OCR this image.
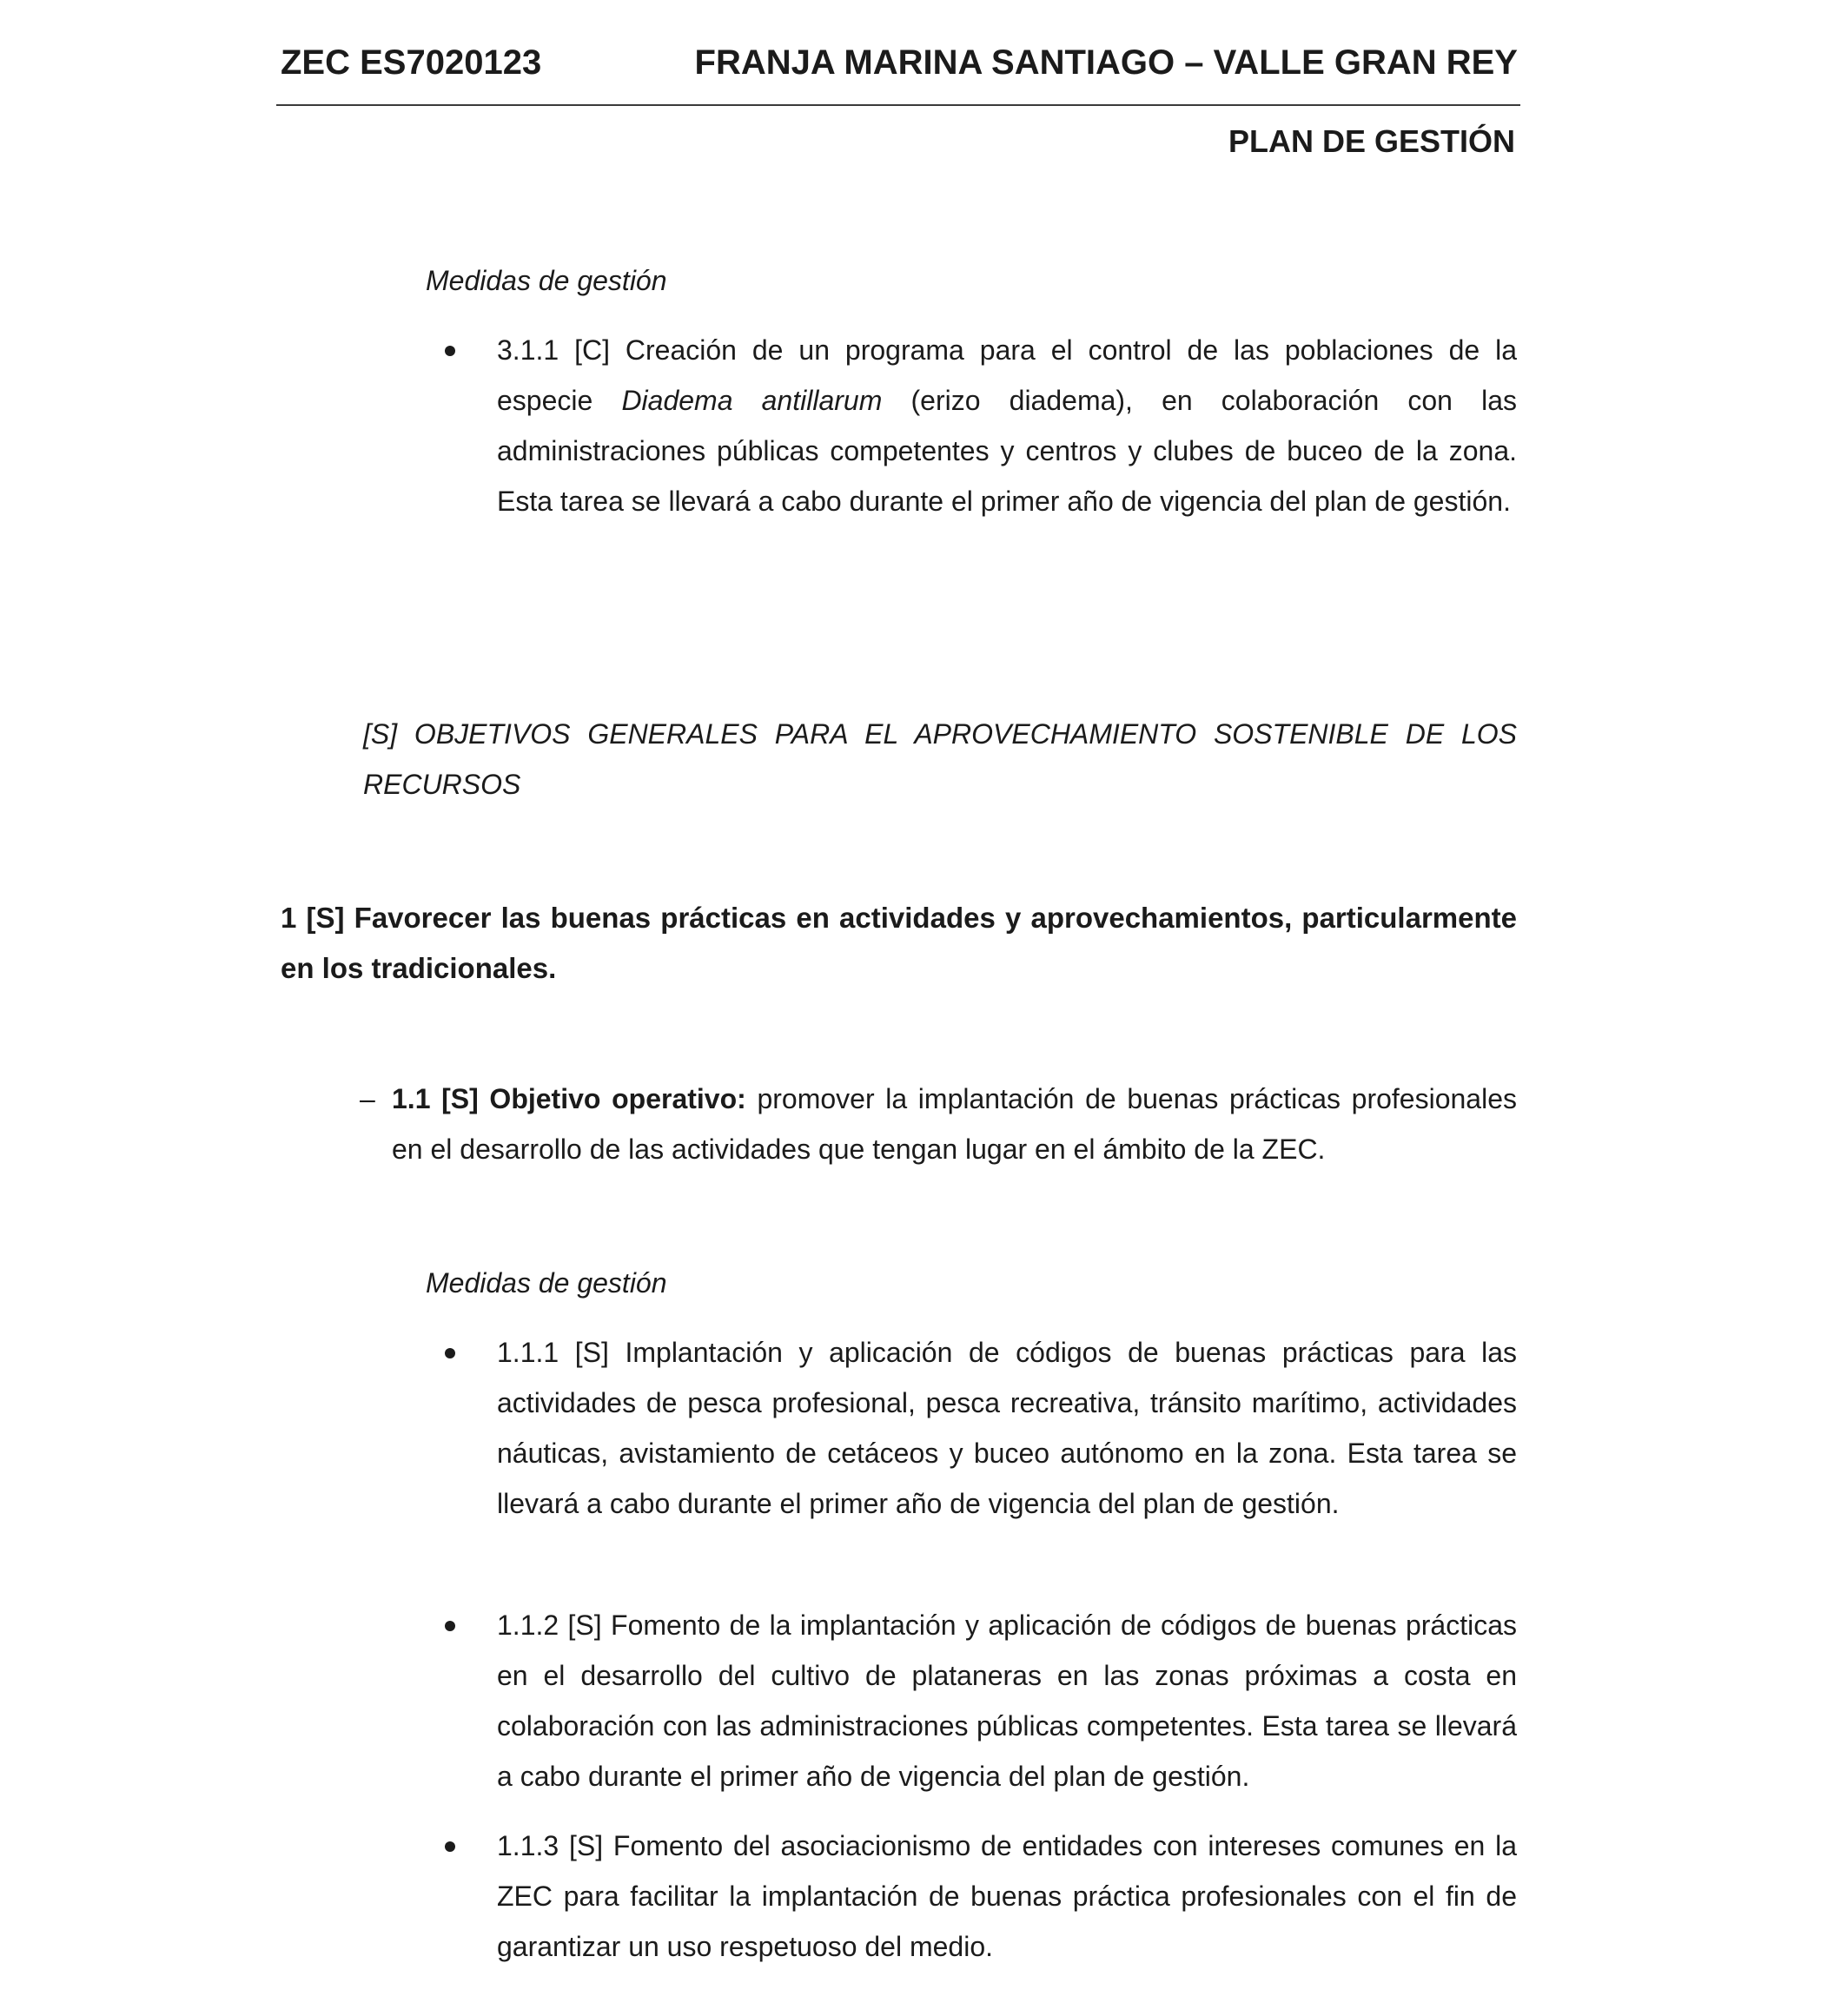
ZEC ES7020123	FRANJA MARINA SANTIAGO – VALLE GRAN REY
PLAN DE GESTIÓN
Medidas de gestión
3.1.1 [C] Creación de un programa para el control de las poblaciones de la especie Diadema antillarum (erizo diadema), en colaboración con las administraciones públicas competentes y centros y clubes de buceo de la zona. Esta tarea se llevará a cabo durante el primer año de vigencia del plan de gestión.
[S] OBJETIVOS GENERALES PARA EL APROVECHAMIENTO SOSTENIBLE DE LOS RECURSOS
1 [S] Favorecer las buenas prácticas en actividades y aprovechamientos, particularmente en los tradicionales.
– 1.1 [S] Objetivo operativo: promover la implantación de buenas prácticas profesionales en el desarrollo de las actividades que tengan lugar en el ámbito de la ZEC.
Medidas de gestión
1.1.1 [S] Implantación y aplicación de códigos de buenas prácticas para las actividades de pesca profesional, pesca recreativa, tránsito marítimo, actividades náuticas, avistamiento de cetáceos y buceo autónomo en la zona. Esta tarea se llevará a cabo durante el primer año de vigencia del plan de gestión.
1.1.2 [S] Fomento de la implantación y aplicación de códigos de buenas prácticas en el desarrollo del cultivo de plataneras en las zonas próximas a costa en colaboración con las administraciones públicas competentes. Esta tarea se llevará a cabo durante el primer año de vigencia del plan de gestión.
1.1.3 [S] Fomento del asociacionismo de entidades con intereses comunes en la ZEC para facilitar la implantación de buenas práctica profesionales con el fin de garantizar un uso respetuoso del medio.
